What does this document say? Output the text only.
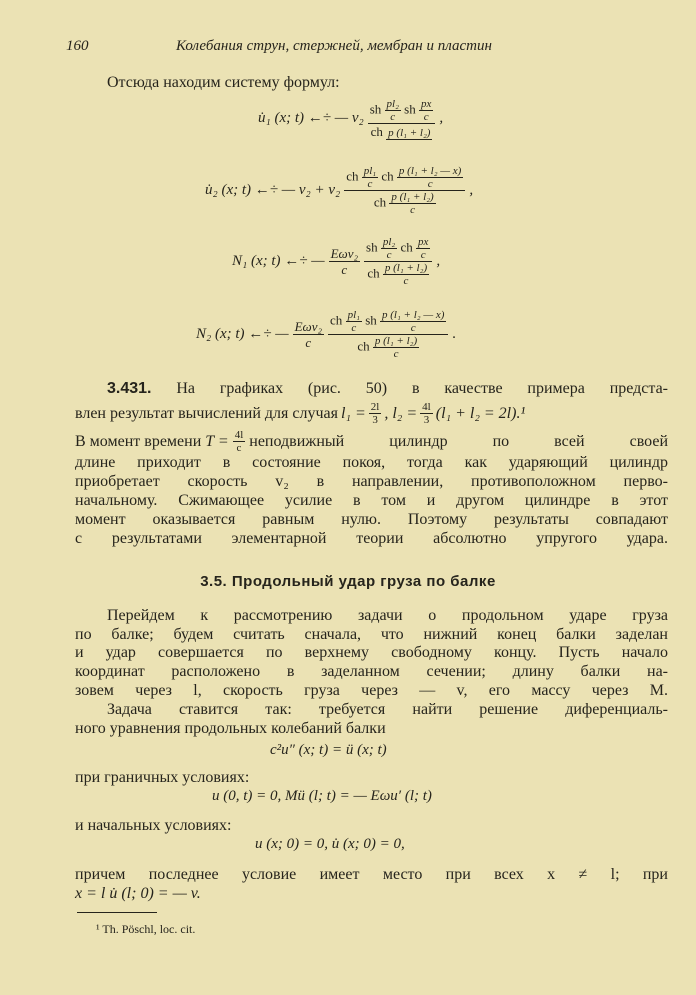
160	Колебания струн, стержней, мембран и пластин
Отсюда находим систему формул:
u̇₁ (x; t) ←÷ — v₂
sh $\frac{\text{pl₂}}{c}$ sh $\frac{px}{c}$
ch p (l₁ + l₂)
,
u̇₂ (x; t) ←÷ — v₂ + v₂
ch $\frac{\text{pl₁}}{c}$ ch $\frac{\text{p (l₁ + l₂ — x)}}{c}$
ch $\frac{\text{p (l₁ + l₂)}}{c}$
,
N₁ (x; t) ←÷ — Eωv₂
c
sh $\frac{\text{pl₂}}{c}$ ch $\frac{px}{c}$
ch $\frac{\text{p (l₁ + l₂)}}{c}$
,
N₂ (x; t) ←÷ — Eωv₂
c
ch $\frac{\text{pl₁}}{c}$ sh $\frac{\text{p (l₁ + l₂ — x)}}{c}$
ch $\frac{\text{p (l₁ + l₂)}}{c}$
.
3.431. На графиках (рис. 50) в качестве примера предста-
влен результат вычислений для случая $l_1 = \frac{2l}{3}$ , $l_2 = \frac{4l}{3} (l_1 + l_2 = 2l).^1$
В момент времени $T = \frac{4l}{c}$ неподвижный цилиндр по всей своей
длине приходит в состояние покоя, тогда как ударяющий цилиндр
приобретает скорость v₂ в направлении, противоположном перво-
начальному. Сжимающее усилие в том и другом цилиндре в этот
момент оказывается равным нулю. Поэтому результаты совпадают
с результатами элементарной теории абсолютно упругого удара.
3.5. Продольный удар груза по балке
Перейдем к рассмотрению задачи о продольном ударе груза
по балке; будем считать сначала, что нижний конец балки заделан
и удар совершается по верхнему свободному концу. Пусть начало
координат расположено в заделанном сечении; длину балки на-
зовем через l, скорость груза через — v, его массу через M.
Задача ставится так: требуется найти решение диференциаль-
ного уравнения продольных колебаний балки
c²u″ (x; t) = ü (x; t)
при граничных условиях:
u (0, t) = 0, Mü (l; t) = — Eωu′ (l; t)
и начальных условиях:
u (x; 0) = 0, u̇ (x; 0) = 0,
причем последнее условие имеет место при всех x ≠ l; при
x = l u̇ (l; 0) = — v.
¹ Th. Pöschl, loc. cit.
